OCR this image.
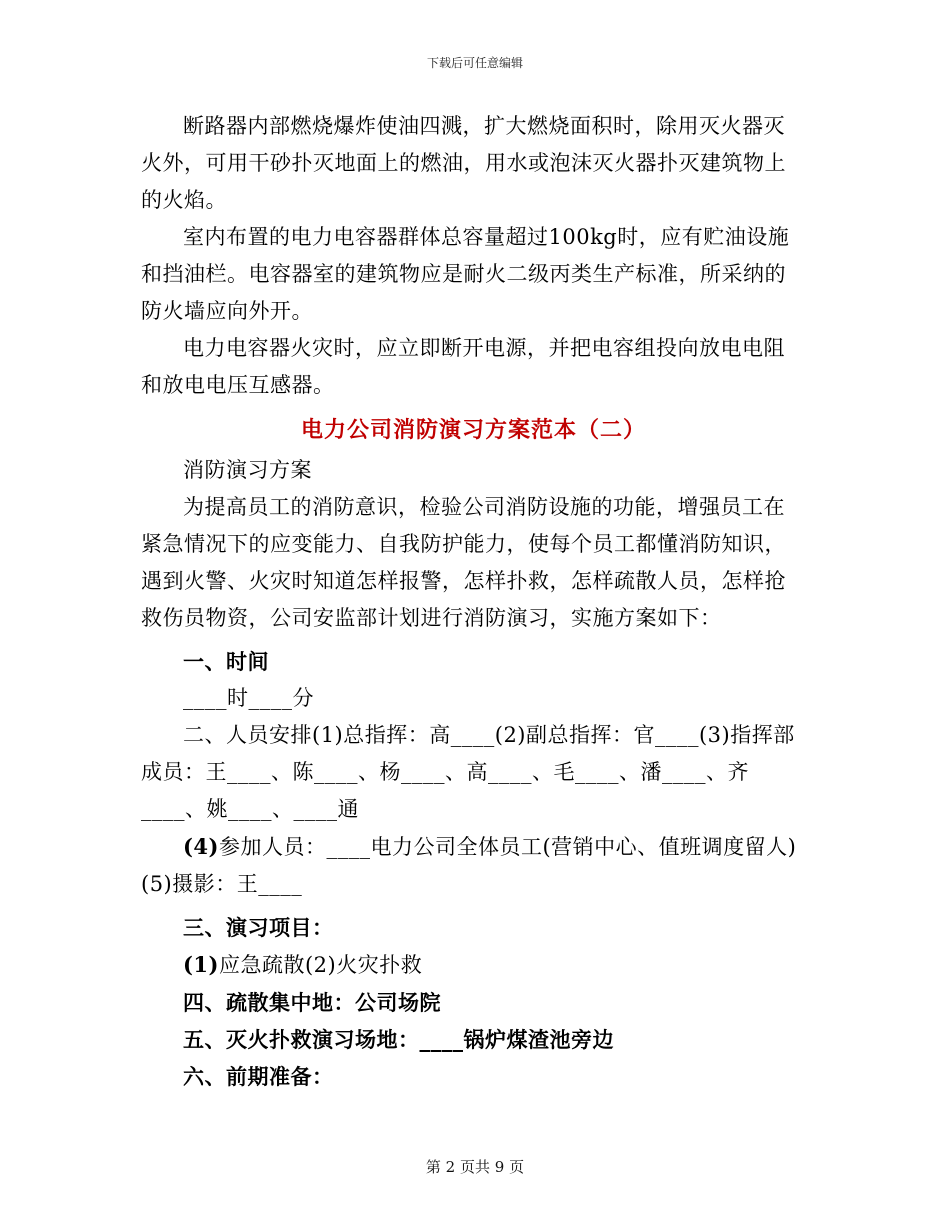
下载后可任意编辑

断路器内部燃烧爆炸使油四溅，扩大燃烧面积时，除用灭火器灭火外，可用干砂扑灭地面上的燃油，用水或泡沫灭火器扑灭建筑物上的火焰。

室内布置的电力电容器群体总容量超过100kg时，应有贮油设施和挡油栏。电容器室的建筑物应是耐火二级丙类生产标准，所采纳的防火墙应向外开。

电力电容器火灾时，应立即断开电源，并把电容组投向放电电阻和放电电压互感器。

电力公司消防演习方案范本（二）

消防演习方案

为提高员工的消防意识，检验公司消防设施的功能，增强员工在紧急情况下的应变能力、自我防护能力，使每个员工都懂消防知识，遇到火警、火灾时知道怎样报警，怎样扑救，怎样疏散人员，怎样抢救伤员物资，公司安监部计划进行消防演习，实施方案如下：

一、时间

____时____分

二、人员安排(1)总指挥：高____(2)副总指挥：官____(3)指挥部成员：王____、陈____、杨____、高____、毛____、潘____、齐____、姚____、____通

(4)参加人员：____电力公司全体员工(营销中心、值班调度留人)(5)摄影：王____

三、演习项目：

(1)应急疏散(2)火灾扑救

四、疏散集中地：公司场院

五、灭火扑救演习场地：____锅炉煤渣池旁边

六、前期准备：

第 2 页共 9 页
